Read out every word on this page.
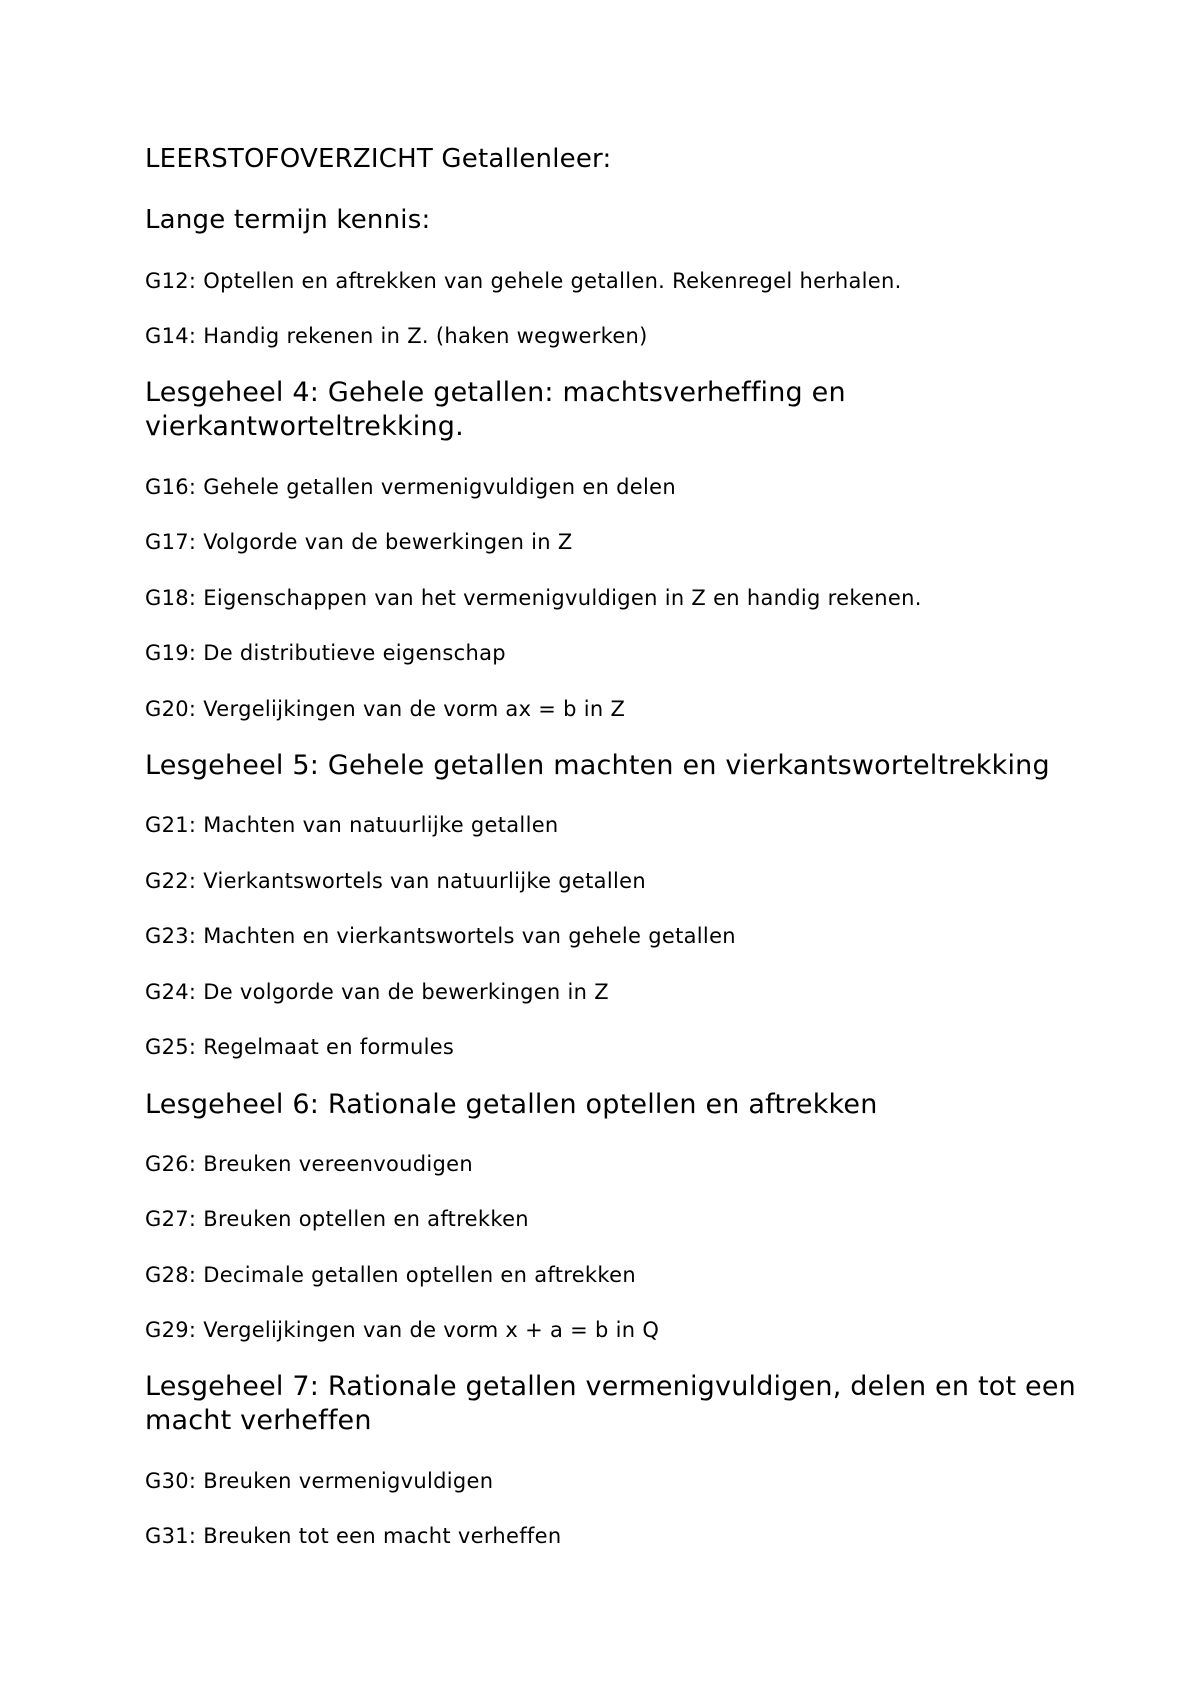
LEERSTOFOVERZICHT Getallenleer:

Lange termijn kennis:

G12: Optellen en aftrekken van gehele getallen. Rekenregel herhalen.

G14: Handig rekenen in Z. (haken wegwerken)

Lesgeheel 4: Gehele getallen: machtsverheffing en vierkantworteltrekking.

G16: Gehele getallen vermenigvuldigen en delen

G17: Volgorde van de bewerkingen in Z

G18: Eigenschappen van het vermenigvuldigen in Z en handig rekenen.

G19: De distributieve eigenschap

G20: Vergelijkingen van de vorm ax = b in Z

Lesgeheel 5: Gehele getallen machten en vierkantsworteltrekking

G21: Machten van natuurlijke getallen

G22: Vierkantswortels van natuurlijke getallen

G23: Machten en vierkantswortels van gehele getallen

G24: De volgorde van de bewerkingen in Z

G25: Regelmaat en formules

Lesgeheel 6: Rationale getallen optellen en aftrekken

G26: Breuken vereenvoudigen

G27: Breuken optellen en aftrekken

G28: Decimale getallen optellen en aftrekken

G29: Vergelijkingen van de vorm x + a = b in Q

Lesgeheel 7: Rationale getallen vermenigvuldigen, delen en tot een macht verheffen

G30: Breuken vermenigvuldigen

G31: Breuken tot een macht verheffen
